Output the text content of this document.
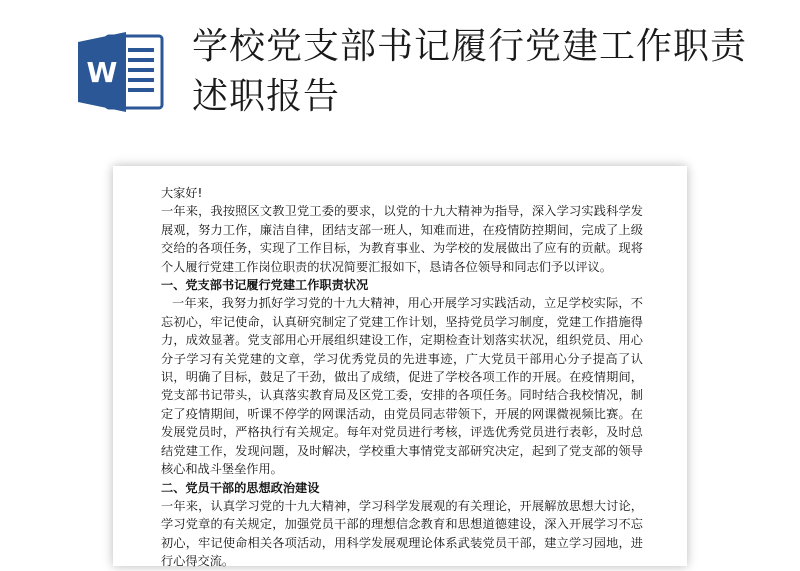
W
学校党支部书记履行党建工作职责述职报告

大家好!

一年来，我按照区文教卫党工委的要求，以党的十九大精神为指导，深入学习实践科学发展观，努力工作，廉洁自律，团结支部一班人，知难而进，在疫情防控期间，完成了上级交给的各项任务，实现了工作目标，为教育事业、为学校的发展做出了应有的贡献。现将个人履行党建工作岗位职责的状况简要汇报如下，恳请各位领导和同志们予以评议。

一、党支部书记履行党建工作职责状况

一年来，我努力抓好学习党的十九大精神，用心开展学习实践活动，立足学校实际，不忘初心，牢记使命，认真研究制定了党建工作计划，坚持党员学习制度，党建工作措施得力，成效显著。党支部用心开展组织建设工作，定期检查计划落实状况，组织党员、用心分子学习有关党建的文章，学习优秀党员的先进事迹，广大党员干部用心分子提高了认识，明确了目标，鼓足了干劲，做出了成绩，促进了学校各项工作的开展。在疫情期间，党支部书记带头，认真落实教育局及区党工委，安排的各项任务。同时结合我校情况，制定了疫情期间，听课不停学的网课活动，由党员同志带领下，开展的网课微视频比赛。在发展党员时，严格执行有关规定。每年对党员进行考核，评选优秀党员进行表彰，及时总结党建工作，发现问题，及时解决，学校重大事情党支部研究决定，起到了党支部的领导核心和战斗堡垒作用。

二、党员干部的思想政治建设

一年来，认真学习党的十九大精神，学习科学发展观的有关理论，开展解放思想大讨论，学习党章的有关规定，加强党员干部的理想信念教育和思想道德建设，深入开展学习不忘初心，牢记使命相关各项活动，用科学发展观理论体系武装党员干部，建立学习园地，进行心得交流。
